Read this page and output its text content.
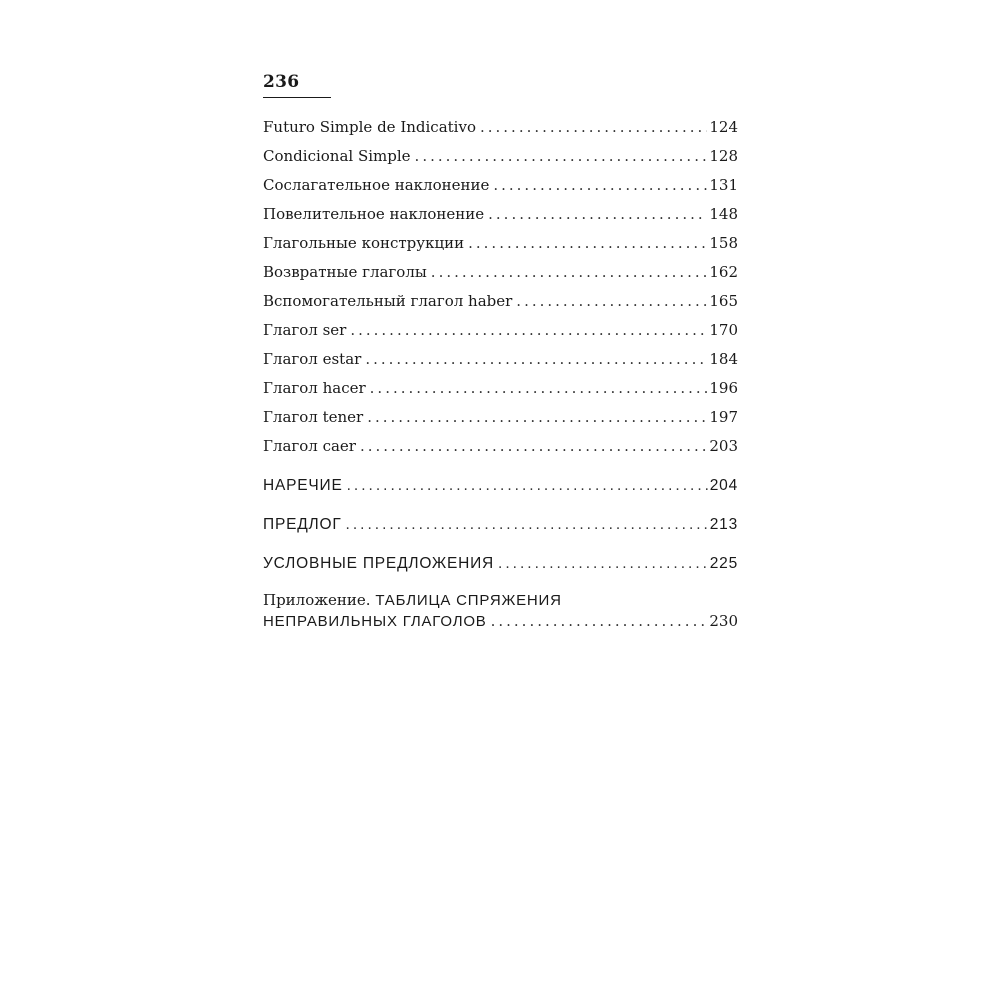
236
Futuro Simple de Indicativo .....	124
Condicional Simple .....	128
Сослагательное наклонение .....	131
Повелительное наклонение .....	148
Глагольные конструкции .....	158
Возвратные глаголы .....	162
Вспомогательный глагол haber .....	165
Глагол ser .....	170
Глагол estar .....	184
Глагол hacer .....	196
Глагол tener .....	197
Глагол caer .....	203
НАРЕЧИЕ .....	204
ПРЕДЛОГ .....	213
УСЛОВНЫЕ ПРЕДЛОЖЕНИЯ .....	225
Приложение. ТАБЛИЦА СПРЯЖЕНИЯ
НЕПРАВИЛЬНЫХ ГЛАГОЛОВ .....	230
